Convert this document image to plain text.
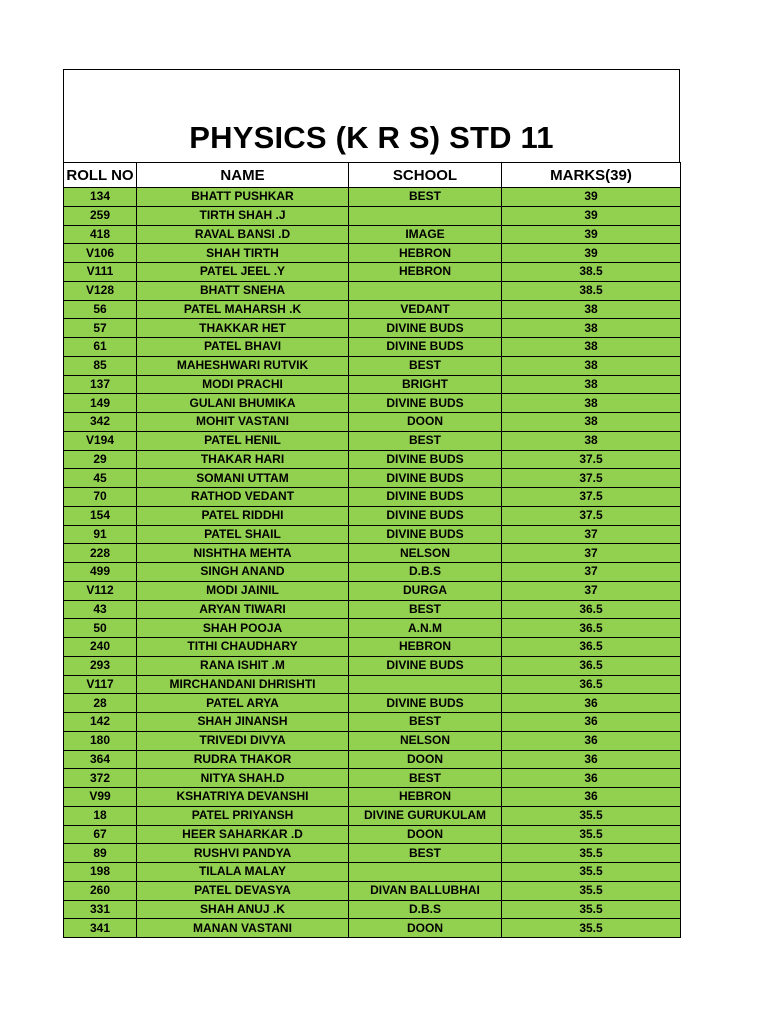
PHYSICS (K R S) STD 11
ROLL NO	NAME	SCHOOL	MARKS(39)
134	BHATT PUSHKAR	BEST	39
259	TIRTH SHAH .J		39
418	RAVAL BANSI .D	IMAGE	39
V106	SHAH TIRTH	HEBRON	39
V111	PATEL JEEL .Y	HEBRON	38.5
V128	BHATT SNEHA		38.5
56	PATEL MAHARSH .K	VEDANT	38
57	THAKKAR HET	DIVINE BUDS	38
61	PATEL BHAVI	DIVINE BUDS	38
85	MAHESHWARI RUTVIK	BEST	38
137	MODI PRACHI	BRIGHT	38
149	GULANI BHUMIKA	DIVINE BUDS	38
342	MOHIT VASTANI	DOON	38
V194	PATEL HENIL	BEST	38
29	THAKAR HARI	DIVINE BUDS	37.5
45	SOMANI UTTAM	DIVINE BUDS	37.5
70	RATHOD VEDANT	DIVINE BUDS	37.5
154	PATEL RIDDHI	DIVINE BUDS	37.5
91	PATEL SHAIL	DIVINE BUDS	37
228	NISHTHA MEHTA	NELSON	37
499	SINGH ANAND	D.B.S	37
V112	MODI JAINIL	DURGA	37
43	ARYAN TIWARI	BEST	36.5
50	SHAH POOJA	A.N.M	36.5
240	TITHI CHAUDHARY	HEBRON	36.5
293	RANA ISHIT .M	DIVINE BUDS	36.5
V117	MIRCHANDANI DHRISHTI		36.5
28	PATEL ARYA	DIVINE BUDS	36
142	SHAH JINANSH	BEST	36
180	TRIVEDI DIVYA	NELSON	36
364	RUDRA THAKOR	DOON	36
372	NITYA SHAH.D	BEST	36
V99	KSHATRIYA DEVANSHI	HEBRON	36
18	PATEL PRIYANSH	DIVINE GURUKULAM	35.5
67	HEER SAHARKAR .D	DOON	35.5
89	RUSHVI PANDYA	BEST	35.5
198	TILALA MALAY		35.5
260	PATEL DEVASYA	DIVAN BALLUBHAI	35.5
331	SHAH ANUJ .K	D.B.S	35.5
341	MANAN VASTANI	DOON	35.5
